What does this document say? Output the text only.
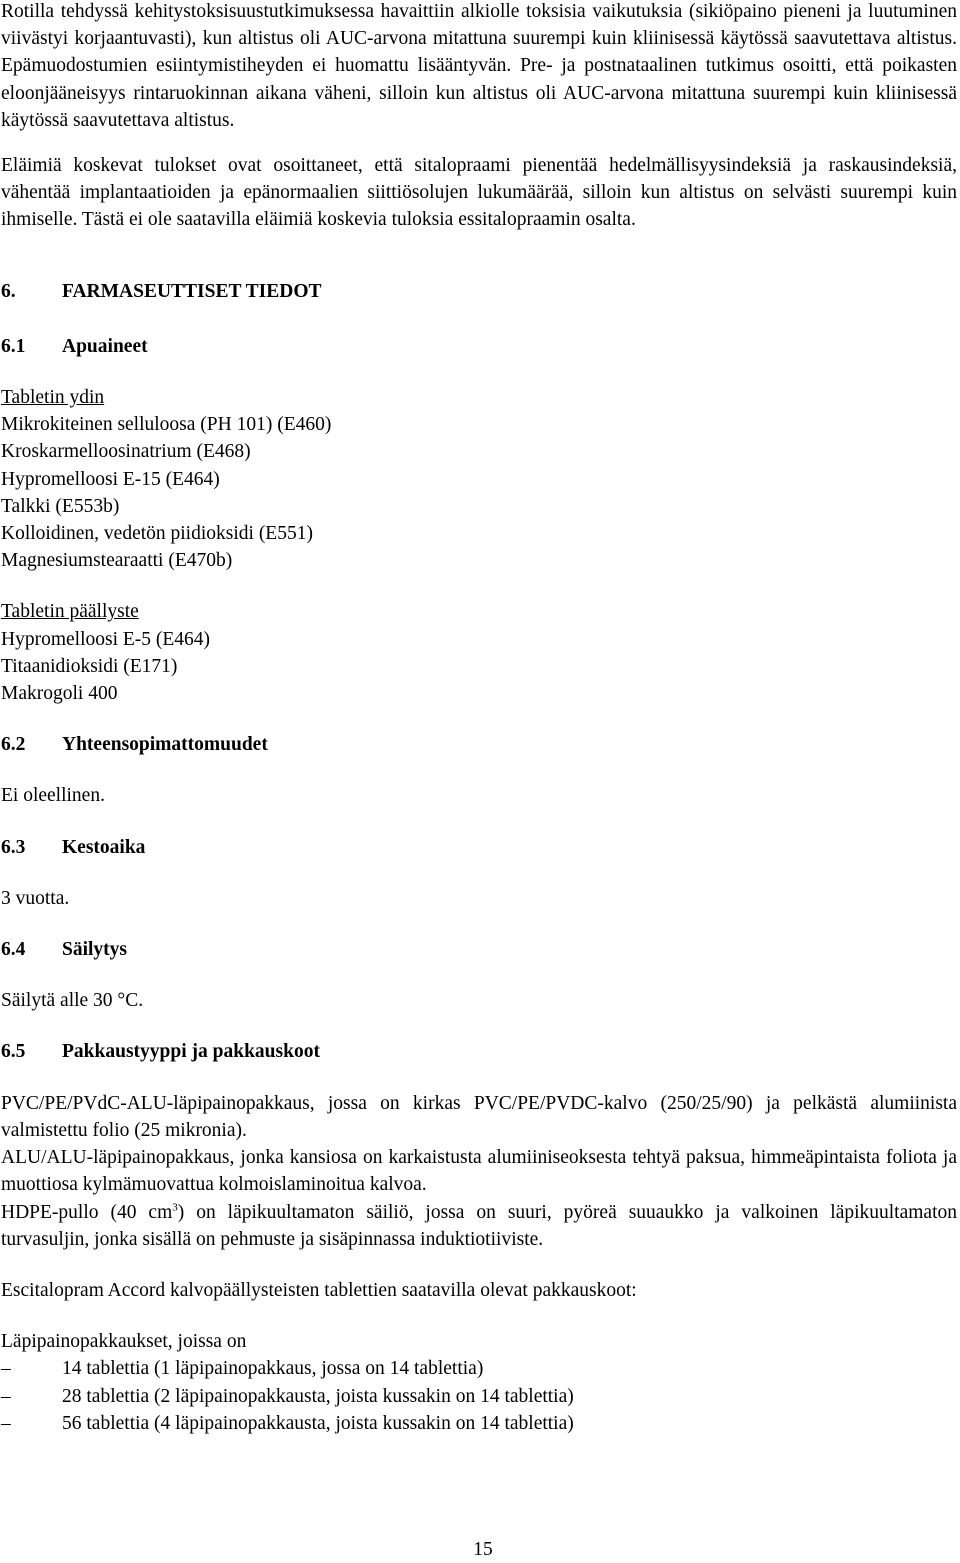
Rotilla tehdyssä kehitystoksisuustutkimuksessa havaittiin alkiolle toksisia vaikutuksia (sikiöpaino pieneni ja luutuminen viivästyi korjaantuvasti), kun altistus oli AUC-arvona mitattuna suurempi kuin kliinisessä käytössä saavutettava altistus. Epämuodostumien esiintymistiheyden ei huomattu lisääntyvän. Pre- ja postnataalinen tutkimus osoitti, että poikasten eloonjääneisyys rintaruokinnan aikana väheni, silloin kun altistus oli AUC-arvona mitattuna suurempi kuin kliinisessä käytössä saavutettava altistus.

Eläimiä koskevat tulokset ovat osoittaneet, että sitalopraami pienentää hedelmällisyysindeksiä ja raskausindeksiä, vähentää implantaatioiden ja epänormaalien siittiösolujen lukumäärää, silloin kun altistus on selvästi suurempi kuin ihmiselle. Tästä ei ole saatavilla eläimiä koskevia tuloksia essitalopraamin osalta.

6.	FARMASEUTTISET TIEDOT
6.1	Apuaineet

Tabletin ydin

Mikrokiteinen selluloosa (PH 101) (E460)

Kroskarmelloosinatrium (E468)

Hypromelloosi E-15 (E464)

Talkki (E553b)

Kolloidinen, vedetön piidioksidi (E551)

Magnesiumstearaatti (E470b)

Tabletin päällyste

Hypromelloosi E-5 (E464)

Titaanidioksidi (E171)

Makrogoli 400

6.2	Yhteensopimattomuudet

Ei oleellinen.

6.3	Kestoaika

3 vuotta.

6.4	Säilytys

Säilytä alle 30 °C.

6.5	Pakkaustyyppi ja pakkauskoot

PVC/PE/PVdC-ALU-läpipainopakkaus, jossa on kirkas PVC/PE/PVDC-kalvo (250/25/90) ja pelkästä alumiinista valmistettu folio (25 mikronia).

ALU/ALU-läpipainopakkaus, jonka kansiosa on karkaistusta alumiiniseoksesta tehtyä paksua, himmeäpintaista foliota ja muottiosa kylmämuovattua kolmoislaminoitua kalvoa.

HDPE-pullo (40 $cm^3$) on läpikuultamaton säiliö, jossa on suuri, pyöreä suuaukko ja valkoinen läpikuultamaton turvasuljin, jonka sisällä on pehmuste ja sisäpinnassa induktiotiiviste.

Escitalopram Accord kalvopäällysteisten tablettien saatavilla olevat pakkauskoot:

Läpipainopakkaukset, joissa on

–	14 tablettia (1 läpipainopakkaus, jossa on 14 tablettia)
–	28 tablettia (2 läpipainopakkausta, joista kussakin on 14 tablettia)
–	56 tablettia (4 läpipainopakkausta, joista kussakin on 14 tablettia)
15
